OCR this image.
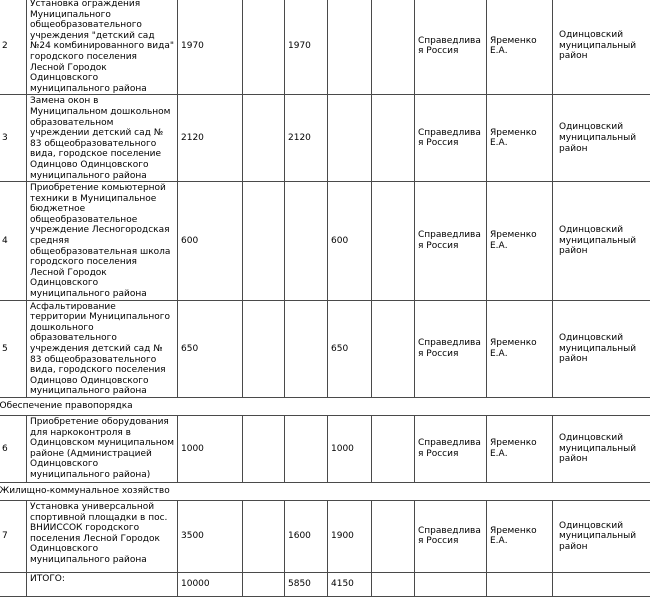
2	Установка ограждения Муниципального общеобразовательного учреждения "детский сад №24 комбинированного вида" городского поселения Лесной Городок Одинцовского муниципального района	1970		1970			Справедливая Россия	Яременко Е.А.	Одинцовский муниципальный район
3	Замена окон в Муниципальном дошкольном образовательном учреждении детский сад № 83 общеобразовательного вида, городское поселение Одинцово Одинцовского муниципального района	2120		2120			Справедливая Россия	Яременко Е.А.	Одинцовский муниципальный район
4	Приобретение комьютерной техники в Муниципальное бюджетное общеобразовательное учреждение Лесногородская средняя общеобразовательная школа городского поселения Лесной Городок Одинцовского муниципального района	600			600		Справедливая Россия	Яременко Е.А.	Одинцовский муниципальный район
5	Асфальтирование территории Муниципального дошкольного образовательного учреждения детский сад № 83 общеобразовательного вида, городского поселения Одинцово Одинцовского муниципального района	650			650		Справедливая Россия	Яременко Е.А.	Одинцовский муниципальный район
Обеспечение правопорядка									
6	Приобретение оборудования для наркоконтроля в Одинцовском муниципальном районе (Администрацией Одинцовского муниципального района)	1000			1000		Справедливая Россия	Яременко Е.А.	Одинцовский муниципальный район
Жилищно-коммунальное хозяйство									
7	Установка универсальной спортивной площадки в пос. ВНИИССОК городского поселения Лесной Городок Одинцовского муниципального района	3500		1600	1900		Справедливая Россия	Яременко Е.А.	Одинцовский муниципальный район
	ИТОГО:	10000		5850	4150				
